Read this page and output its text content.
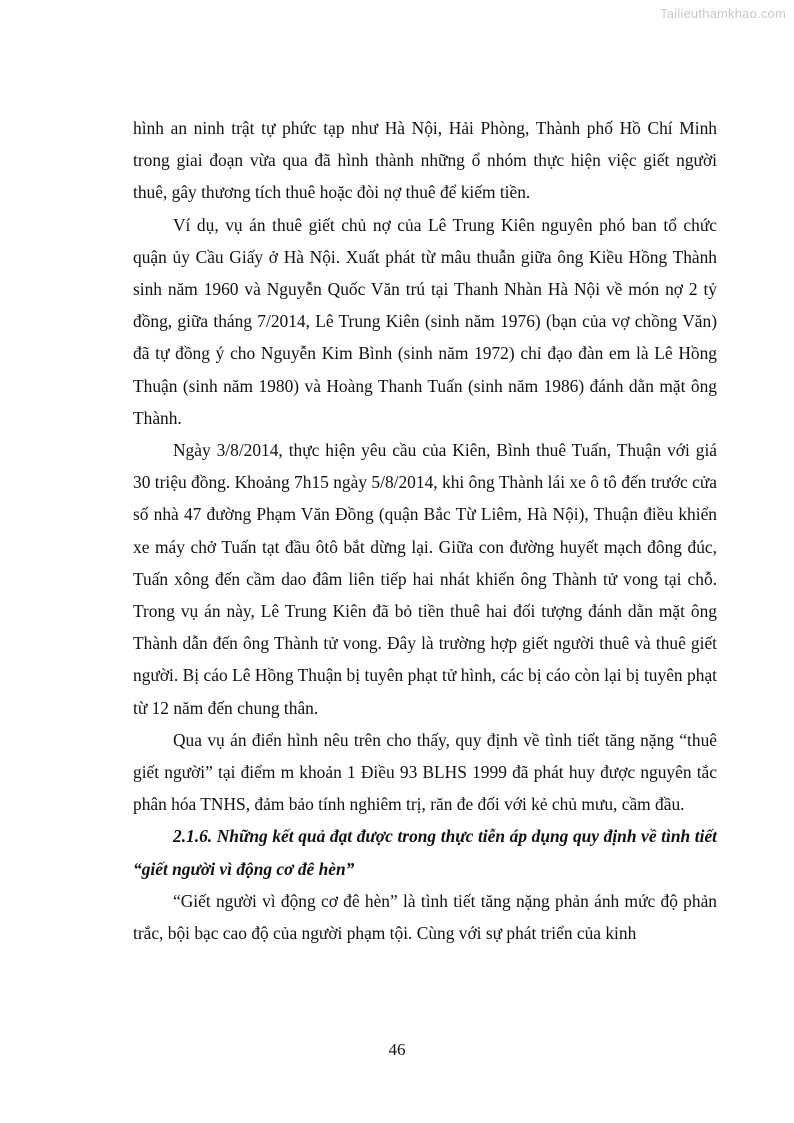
Tailieuthamkhao.com

hình an ninh trật tự phức tạp như Hà Nội, Hải Phòng, Thành phố Hồ Chí Minh trong giai đoạn vừa qua đã hình thành những ổ nhóm thực hiện việc giết người thuê, gây thương tích thuê hoặc đòi nợ thuê để kiếm tiền.

Ví dụ, vụ án thuê giết chủ nợ của Lê Trung Kiên nguyên phó ban tổ chức quận ủy Cầu Giấy ở Hà Nội. Xuất phát từ mâu thuẫn giữa ông Kiều Hồng Thành sinh năm 1960 và Nguyễn Quốc Văn trú tại Thanh Nhàn Hà Nội về món nợ 2 tỷ đồng, giữa tháng 7/2014, Lê Trung Kiên (sinh năm 1976) (bạn của vợ chồng Văn) đã tự đồng ý cho Nguyễn Kim Bình (sinh năm 1972) chỉ đạo đàn em là Lê Hồng Thuận (sinh năm 1980) và Hoàng Thanh Tuấn (sinh năm 1986) đánh dằn mặt ông Thành.

Ngày 3/8/2014, thực hiện yêu cầu của Kiên, Bình thuê Tuấn, Thuận với giá 30 triệu đồng. Khoảng 7h15 ngày 5/8/2014, khi ông Thành lái xe ô tô đến trước cửa số nhà 47 đường Phạm Văn Đồng (quận Bắc Từ Liêm, Hà Nội), Thuận điều khiển xe máy chở Tuấn tạt đầu ôtô bắt dừng lại. Giữa con đường huyết mạch đông đúc, Tuấn xông đến cầm dao đâm liên tiếp hai nhát khiến ông Thành tử vong tại chỗ. Trong vụ án này, Lê Trung Kiên đã bỏ tiền thuê hai đối tượng đánh dằn mặt ông Thành dẫn đến ông Thành tử vong. Đây là trường hợp giết người thuê và thuê giết người. Bị cáo Lê Hồng Thuận bị tuyên phạt tử hình, các bị cáo còn lại bị tuyên phạt từ 12 năm đến chung thân.

Qua vụ án điển hình nêu trên cho thấy, quy định về tình tiết tăng nặng “thuê giết người” tại điểm m khoản 1 Điều 93 BLHS 1999 đã phát huy được nguyên tắc phân hóa TNHS, đảm bảo tính nghiêm trị, răn đe đối với kẻ chủ mưu, cầm đầu.

2.1.6. Những kết quả đạt được trong thực tiễn áp dụng quy định về tình tiết “giết người vì động cơ đê hèn”

“Giết người vì động cơ đê hèn” là tình tiết tăng nặng phản ánh mức độ phản trắc, bội bạc cao độ của người phạm tội. Cùng với sự phát triển của kinh

46
